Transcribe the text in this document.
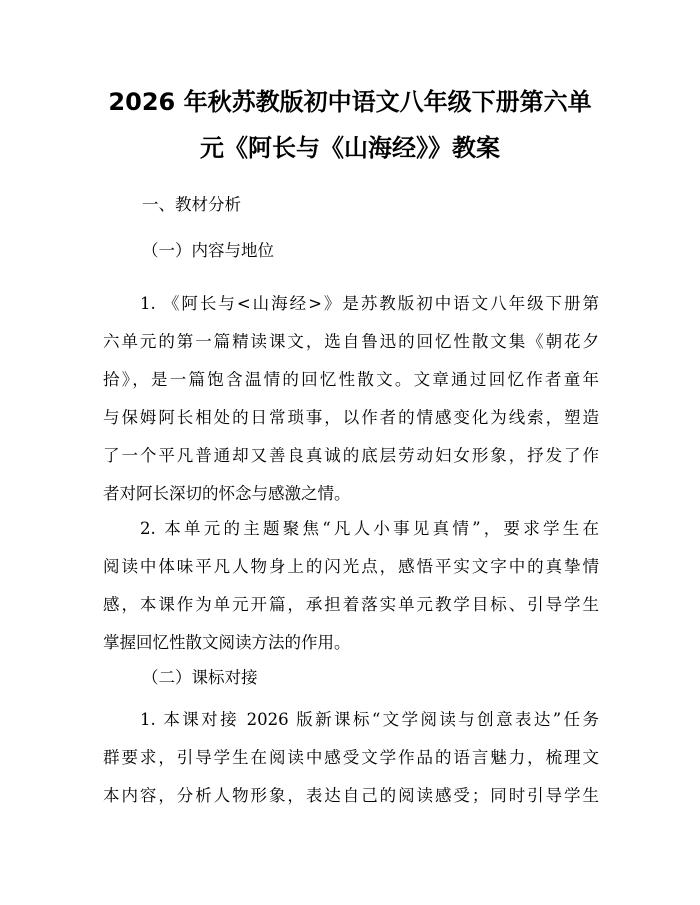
2026 年秋苏教版初中语文八年级下册第六单
元《阿长与《山海经》》教案
一、教材分析
（一）内容与地位
1. 《阿长与<山海经>》是苏教版初中语文八年级下册第
六单元的第一篇精读课文，选自鲁迅的回忆性散文集《朝花夕
拾》，是一篇饱含温情的回忆性散文。文章通过回忆作者童年
与保姆阿长相处的日常琐事，以作者的情感变化为线索，塑造
了一个平凡普通却又善良真诚的底层劳动妇女形象，抒发了作
者对阿长深切的怀念与感激之情。
2. 本单元的主题聚焦“凡人小事见真情”，要求学生在
阅读中体味平凡人物身上的闪光点，感悟平实文字中的真挚情
感，本课作为单元开篇，承担着落实单元教学目标、引导学生
掌握回忆性散文阅读方法的作用。
（二）课标对接
1. 本课对接 2026 版新课标“文学阅读与创意表达”任务
群要求，引导学生在阅读中感受文学作品的语言魅力，梳理文
本内容，分析人物形象，表达自己的阅读感受；同时引导学生
